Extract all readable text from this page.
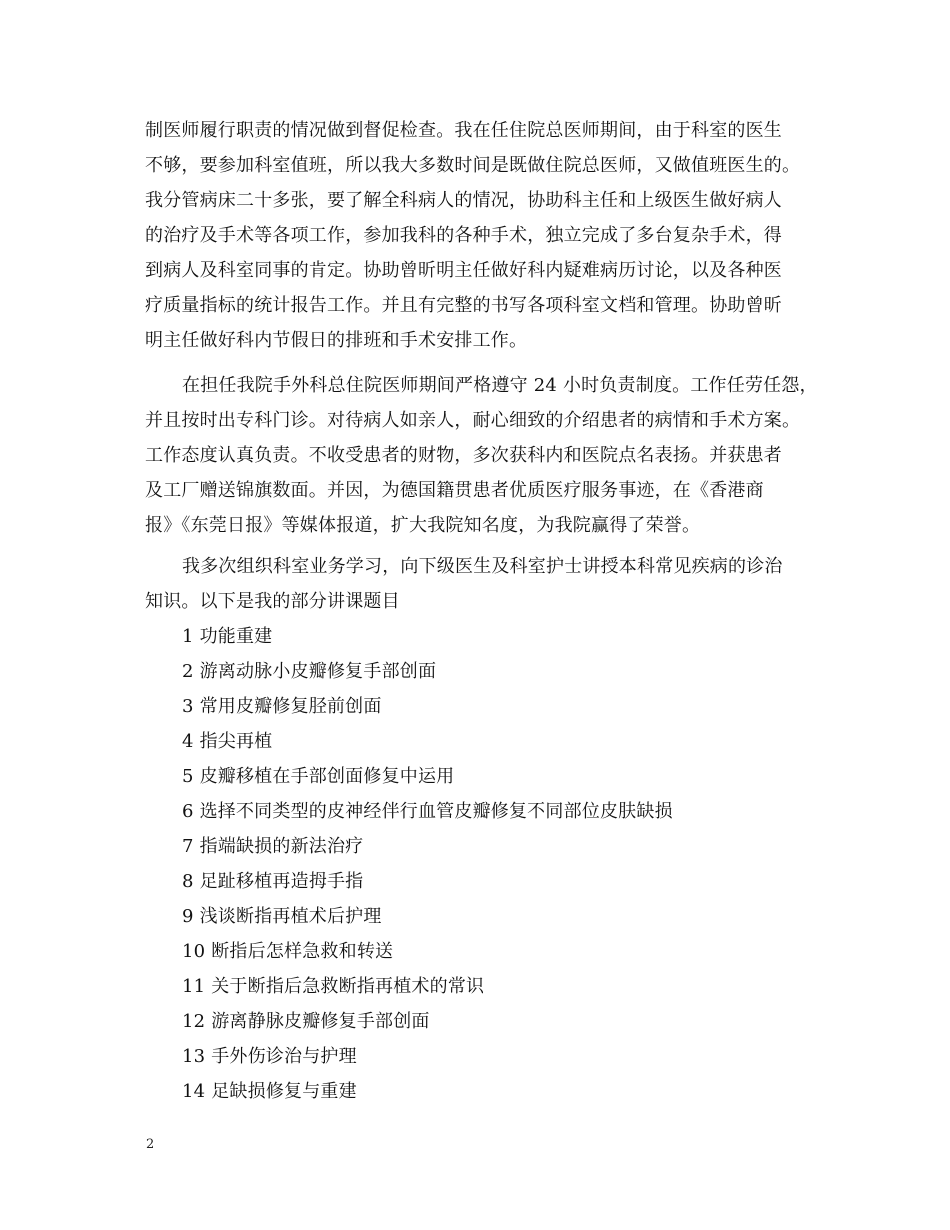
制医师履行职责的情况做到督促检查。我在任住院总医师期间，由于科室的医生
不够，要参加科室值班，所以我大多数时间是既做住院总医师，又做值班医生的。
我分管病床二十多张，要了解全科病人的情况，协助科主任和上级医生做好病人
的治疗及手术等各项工作，参加我科的各种手术，独立完成了多台复杂手术，得
到病人及科室同事的肯定。协助曾昕明主任做好科内疑难病历讨论，以及各种医
疗质量指标的统计报告工作。并且有完整的书写各项科室文档和管理。协助曾昕
明主任做好科内节假日的排班和手术安排工作。
在担任我院手外科总住院医师期间严格遵守 24 小时负责制度。工作任劳任怨，
并且按时出专科门诊。对待病人如亲人，耐心细致的介绍患者的病情和手术方案。
工作态度认真负责。不收受患者的财物，多次获科内和医院点名表扬。并获患者
及工厂赠送锦旗数面。并因，为德国籍贯患者优质医疗服务事迹，在《香港商
报》《东莞日报》等媒体报道，扩大我院知名度，为我院赢得了荣誉。
我多次组织科室业务学习，向下级医生及科室护士讲授本科常见疾病的诊治
知识。以下是我的部分讲课题目
1 功能重建
2 游离动脉小皮瓣修复手部创面
3 常用皮瓣修复胫前创面
4 指尖再植
5 皮瓣移植在手部创面修复中运用
6 选择不同类型的皮神经伴行血管皮瓣修复不同部位皮肤缺损
7 指端缺损的新法治疗
8 足趾移植再造拇手指
9 浅谈断指再植术后护理
10 断指后怎样急救和转送
11 关于断指后急救断指再植术的常识
12 游离静脉皮瓣修复手部创面
13 手外伤诊治与护理
14 足缺损修复与重建
2
